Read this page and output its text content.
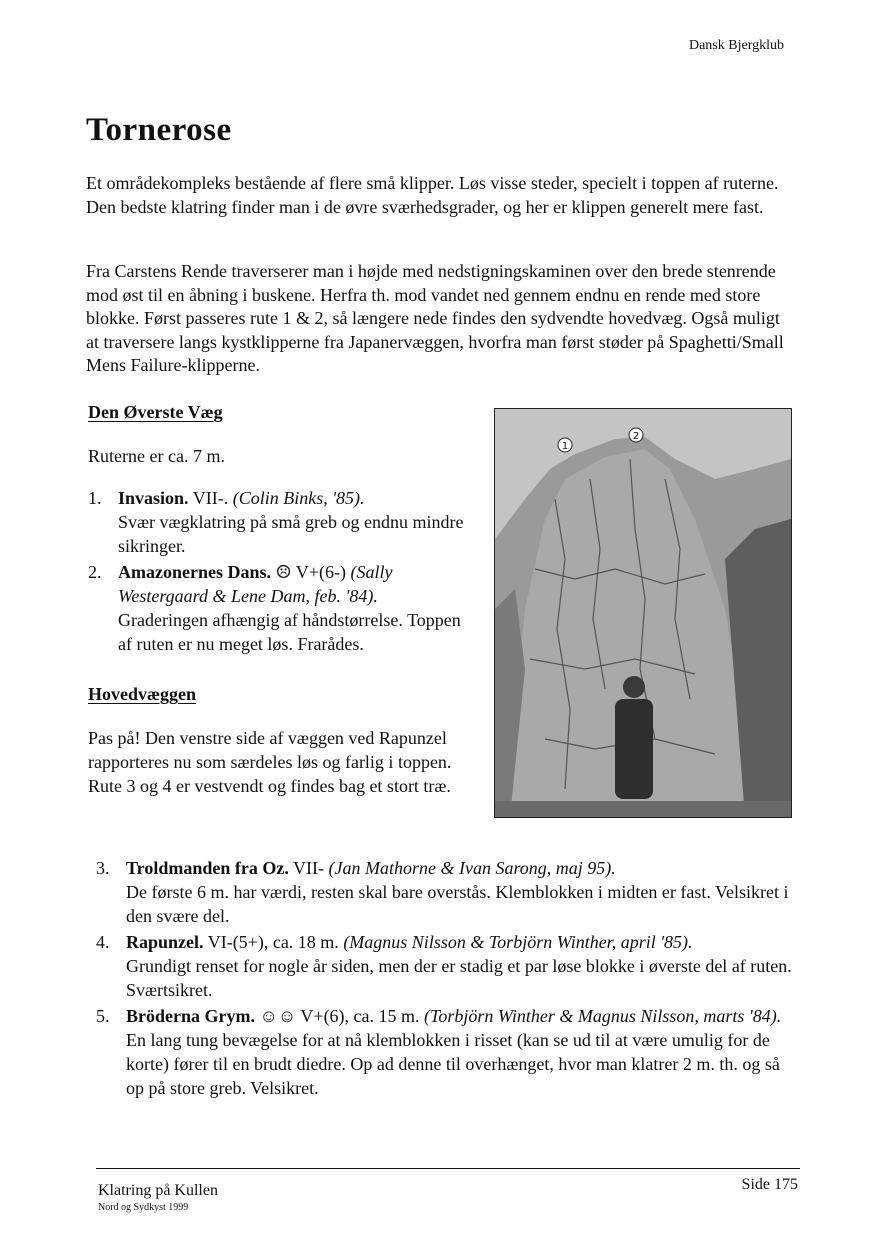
Dansk Bjergklub
Tornerose

Et områdekompleks bestående af flere små klipper. Løs visse steder, specielt i toppen af ruterne. Den bedste klatring finder man i de øvre sværhedsgrader, og her er klippen generelt mere fast.

Fra Carstens Rende traverserer man i højde med nedstigningskaminen over den brede stenrende mod øst til en åbning i buskene. Herfra th. mod vandet ned gennem endnu en rende med store blokke. Først passeres rute 1 & 2, så længere nede findes den sydvendte hovedvæg. Også muligt at traversere langs kystklipperne fra Japanervæggen, hvorfra man først støder på Spaghetti/Small Mens Failure-klipperne.

Den Øverste Væg

Ruterne er ca. 7 m.

1. Invasion. VII-. (Colin Binks, '85).
Svær vægklatring på små greb og endnu mindre sikringer.
2. Amazonernes Dans. ☹ V+(6-) (Sally Westergaard & Lene Dam, feb. '84).
Graderingen afhængig af håndstørrelse. Toppen af ruten er nu meget løs. Frarådes.
Hovedvæggen

Pas på! Den venstre side af væggen ved Rapunzel rapporteres nu som særdeles løs og farlig i toppen. Rute 3 og 4 er vestvendt og findes bag et stort træ.

1
2
3. Troldmanden fra Oz. VII- (Jan Mathorne & Ivan Sarong, maj 95).
De første 6 m. har værdi, resten skal bare overstås. Klemblokken i midten er fast. Velsikret i den svære del.
4. Rapunzel. VI-(5+), ca. 18 m. (Magnus Nilsson & Torbjörn Winther, april '85).
Grundigt renset for nogle år siden, men der er stadig et par løse blokke i øverste del af ruten. Sværtsikret.
5. Bröderna Grym. ☺☺ V+(6), ca. 15 m. (Torbjörn Winther & Magnus Nilsson, marts '84).
En lang tung bevægelse for at nå klemblokken i risset (kan se ud til at være umulig for de korte) fører til en brudt diedre. Op ad denne til overhænget, hvor man klatrer 2 m. th. og så op på store greb. Velsikret.
Klatring på Kullen
Nord og Sydkyst 1999
Side 175
